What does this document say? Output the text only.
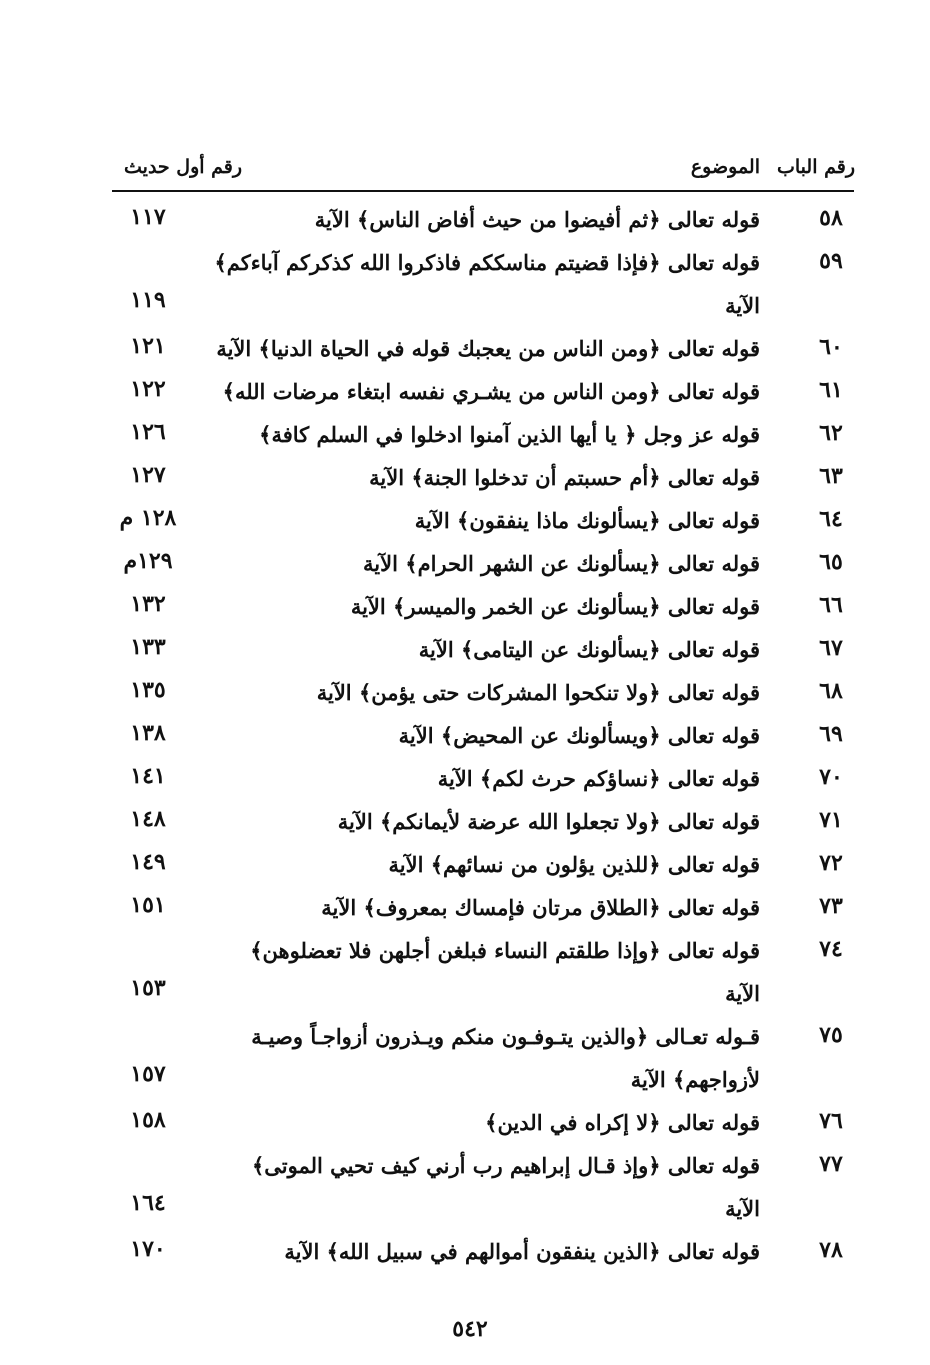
رقم الباب
الموضوع
رقم أول حديث
٥٨
قوله تعالى ﴿ثم أفيضوا من حيث أفاض الناس﴾ الآية
١١٧
٥٩
قوله تعالى ﴿فإذا قضيتم مناسككم فاذكروا الله كذكركم آباءكم﴾
الآية
١١٩
٦٠
قوله تعالى ﴿ومن الناس من يعجبك قوله في الحياة الدنيا﴾ الآية
١٢١
٦١
قوله تعالى ﴿ومن الناس من يشـري نفسه ابتغاء مرضات الله﴾
١٢٢
٦٢
قوله عز وجل ﴿ يا أيها الذين آمنوا ادخلوا في السلم كافة﴾
١٢٦
٦٣
قوله تعالى ﴿أم حسبتم أن تدخلوا الجنة﴾ الآية
١٢٧
٦٤
قوله تعالى ﴿يسألونك ماذا ينفقون﴾ الآية
١٢٨ م
٦٥
قوله تعالى ﴿يسألونك عن الشهر الحرام﴾ الآية
١٢٩م
٦٦
قوله تعالى ﴿يسألونك عن الخمر والميسر﴾ الآية
١٣٢
٦٧
قوله تعالى ﴿يسألونك عن اليتامى﴾ الآية
١٣٣
٦٨
قوله تعالى ﴿ولا تنكحوا المشركات حتى يؤمن﴾ الآية
١٣٥
٦٩
قوله تعالى ﴿ويسألونك عن المحيض﴾ الآية
١٣٨
٧٠
قوله تعالى ﴿نساؤكم حرث لكم﴾ الآية
١٤١
٧١
قوله تعالى ﴿ولا تجعلوا الله عرضة لأيمانكم﴾ الآية
١٤٨
٧٢
قوله تعالى ﴿للذين يؤلون من نسائهم﴾ الآية
١٤٩
٧٣
قوله تعالى ﴿الطلاق مرتان فإمساك بمعروف﴾ الآية
١٥١
٧٤
قوله تعالى ﴿وإذا طلقتم النساء فبلغن أجلهن فلا تعضلوهن﴾
الآية
١٥٣
٧٥
قـوله تعـالى ﴿والذين يتـوفـون منكم ويـذرون أزواجـاً وصيـة
لأزواجهم﴾ الآية
١٥٧
٧٦
قوله تعالى ﴿لا إكراه في الدين﴾
١٥٨
٧٧
قوله تعالى ﴿وإذ قـال إبراهيم رب أرني كيف تحيي الموتى﴾
الآية
١٦٤
٧٨
قوله تعالى ﴿الذين ينفقون أموالهم في سبيل الله﴾ الآية
١٧٠
٥٤٢
